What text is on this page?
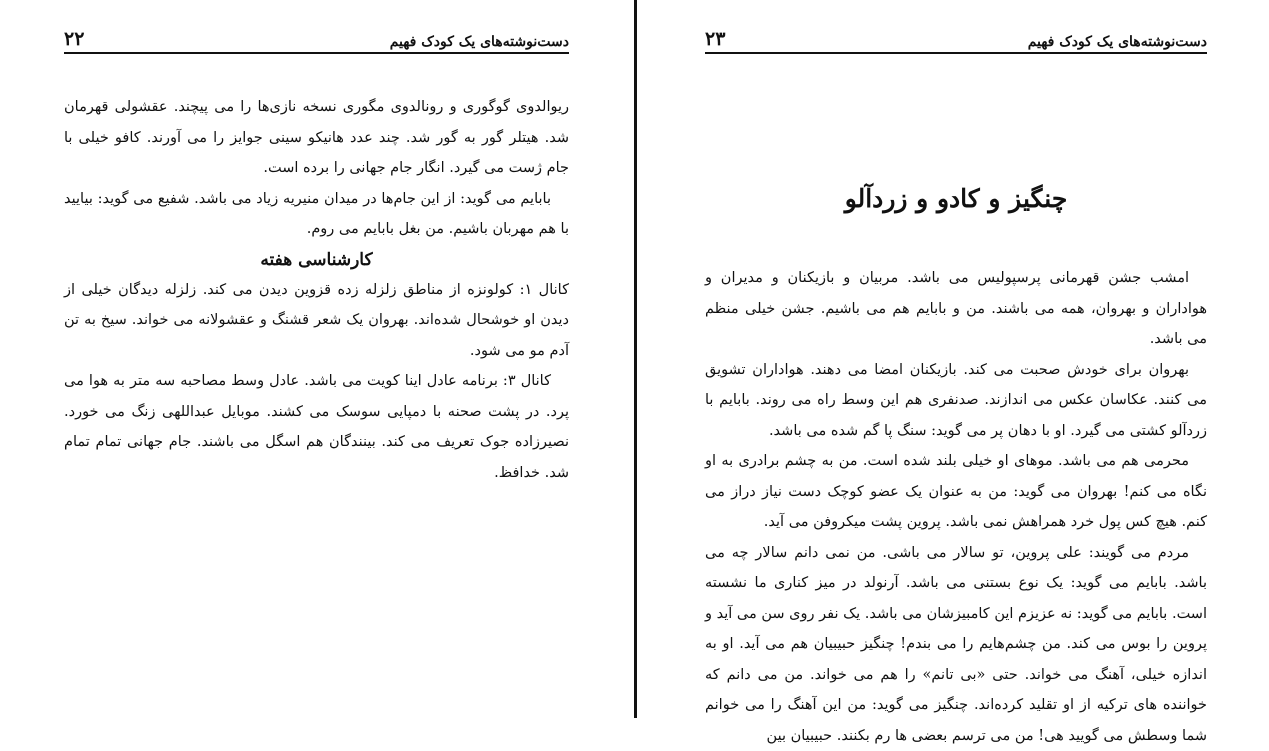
۲۲	دست‌نوشته‌های یک کودک فهیم

ریوالدوی گوگوری و رونالدوی مگوری نسخه نازی‌ها را می پیچند. عقشولی قهرمان شد. هیتلر گور به گور شد. چند عدد هانیکو سینی جوایز را می آورند. کافو خیلی با جام ژست می گیرد. انگار جام جهانی را برده است.

بابایم می گوید: از این جام‌ها در میدان منیریه زیاد می باشد. شفیع می گوید: بیایید با هم مهربان باشیم. من بغل بابایم می روم.

کارشناسی هفته

کانال ۱: کولونزه از مناطق زلزله زده قزوین دیدن می کند. زلزله دیدگان خیلی از دیدن او خوشحال شده‌اند. بهروان یک شعر قشنگ و عقشولانه می خواند. سیخ به تن آدم مو می شود.

کانال ۳: برنامه عادل اینا کویت می باشد. عادل وسط مصاحبه سه متر به هوا می پرد. در پشت صحنه با دمپایی سوسک می کشند. موبایل عبداللهی زنگ می خورد. نصیرزاده جوک تعریف می کند. بینندگان هم اسگل می باشند. جام جهانی تمام تمام شد. خدافظ.

۲۳	دست‌نوشته‌های یک کودک فهیم
چنگیز و کادو و زردآلو

امشب جشن قهرمانی پرسپولیس می باشد. مربیان و بازیکنان و مدیران و هواداران و بهروان، همه می باشند. من و بابایم هم می باشیم. جشن خیلی منظم می باشد.

بهروان برای خودش صحبت می کند. بازیکنان امضا می دهند. هواداران تشویق می کنند. عکاسان عکس می اندازند. صدنفری هم این وسط راه می روند. بابایم با زردآلو کشتی می گیرد. او با دهان پر می گوید: سنگ پا گم شده می باشد.

محرمی هم می باشد. موهای او خیلی بلند شده است. من به چشم برادری به او نگاه می کنم! بهروان می گوید: من به عنوان یک عضو کوچک دست نیاز دراز می کنم. هیچ کس پول خرد همراهش نمی باشد. پروین پشت میکروفن می آید.

مردم می گویند: علی پروین، تو سالار می باشی. من نمی دانم سالار چه می باشد. بابایم می گوید: یک نوع بستنی می باشد. آرنولد در میز کناری ما نشسته است. بابایم می گوید: نه عزیزم این کامبیزشان می باشد. یک نفر روی سن می آید و پروین را بوس می کند. من چشم‌هایم را می بندم! چنگیز حبیبیان هم می آید. او به اندازه خیلی، آهنگ می خواند. حتی «بی تانم» را هم می خواند. من می دانم که خواننده های ترکیه از او تقلید کرده‌اند. چنگیز می گوید: من این آهنگ را می خوانم شما وسطش می گویید هی! من می ترسم بعضی ها رم بکنند. حبیبیان بین
